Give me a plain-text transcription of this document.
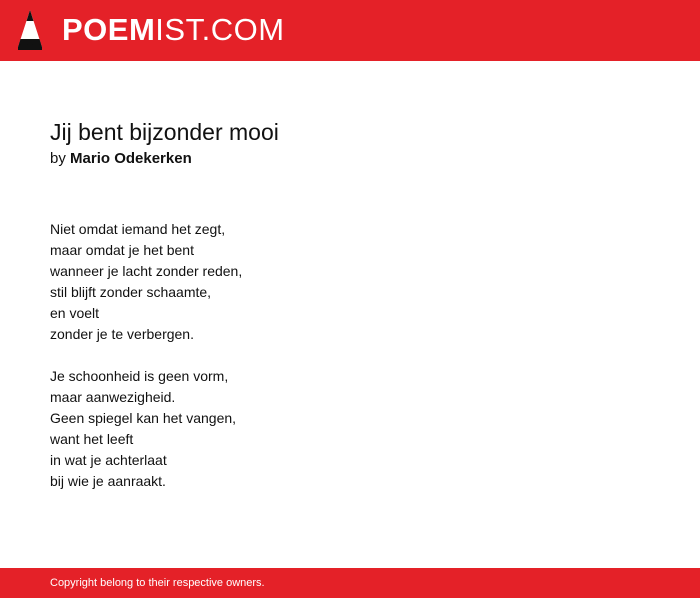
POEMIST.COM
Jij bent bijzonder mooi
by Mario Odekerken
Niet omdat iemand het zegt,
maar omdat je het bent
wanneer je lacht zonder reden,
stil blijft zonder schaamte,
en voelt
zonder je te verbergen.
Je schoonheid is geen vorm,
maar aanwezigheid.
Geen spiegel kan het vangen,
want het leeft
in wat je achterlaat
bij wie je aanraakt.
Copyright belong to their respective owners.
